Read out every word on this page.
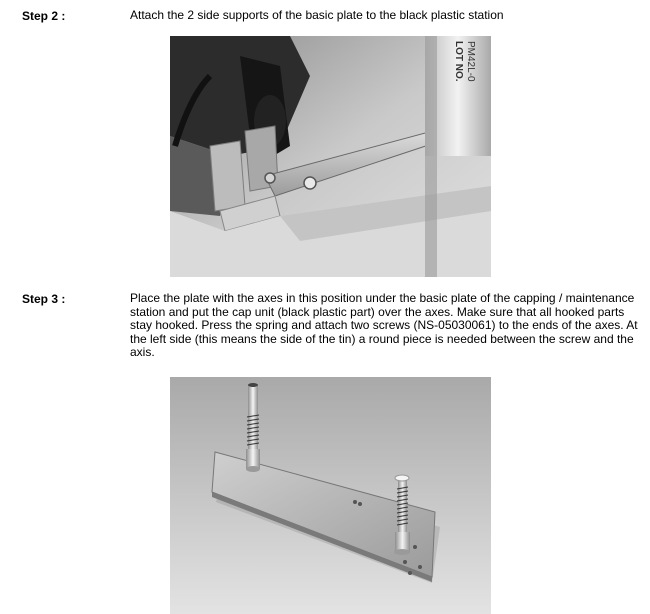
Step 2 :	Attach the 2 side supports of the basic plate to the black plastic station
PM42L-0
LOT NO.
Step 3 :	Place the plate with the axes in this position under the basic plate of the capping / maintenance station and put the cap unit (black plastic part) over the axes. Make sure that all hooked parts stay hooked. Press the spring and attach two screws (NS-05030061) to the ends of the axes. At the left side (this means the side of the tin) a round piece is needed between the screw and the axis.
